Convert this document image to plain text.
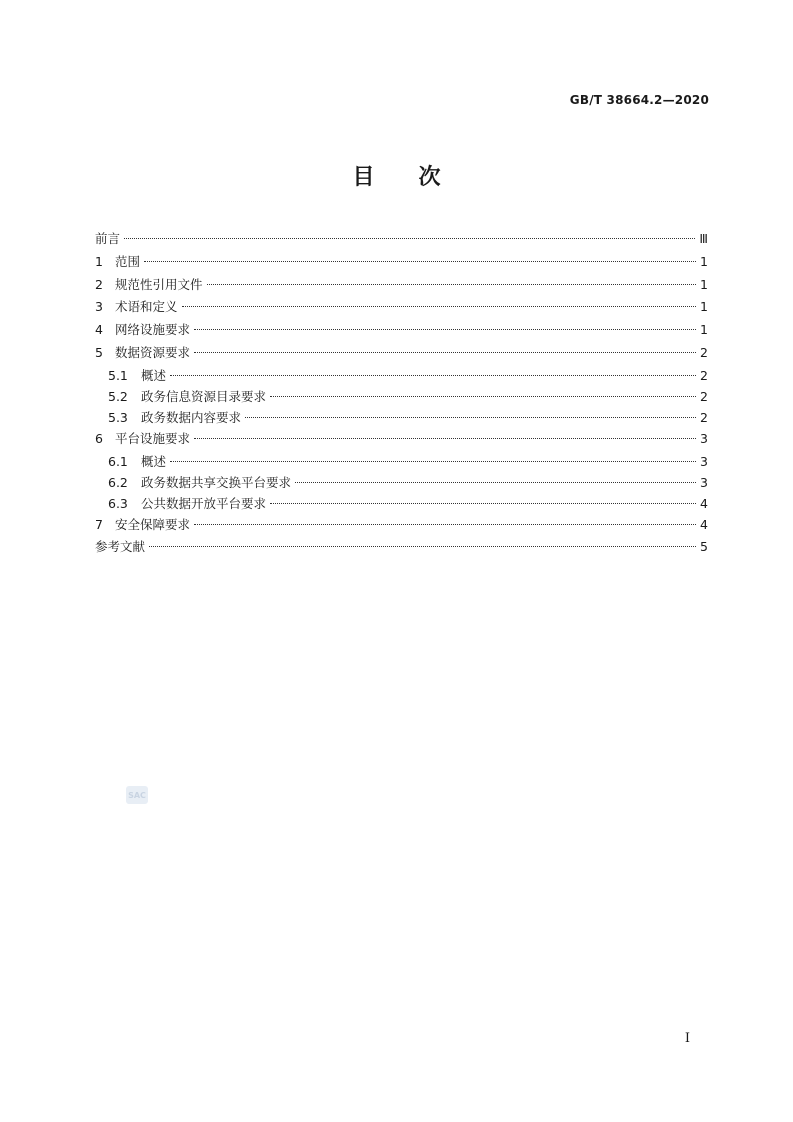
GB/T 38664.2—2020
目 次
前言	Ⅲ
1 范围	1
2 规范性引用文件	1
3 术语和定义	1
4 网络设施要求	1
5 数据资源要求	2
5.1	概述	2
5.2	政务信息资源目录要求	2
5.3	政务数据内容要求	2
6 平台设施要求	3
6.1	概述	3
6.2	政务数据共享交换平台要求	3
6.3	公共数据开放平台要求	4
7 安全保障要求	4
参考文献	5
SAC
I
